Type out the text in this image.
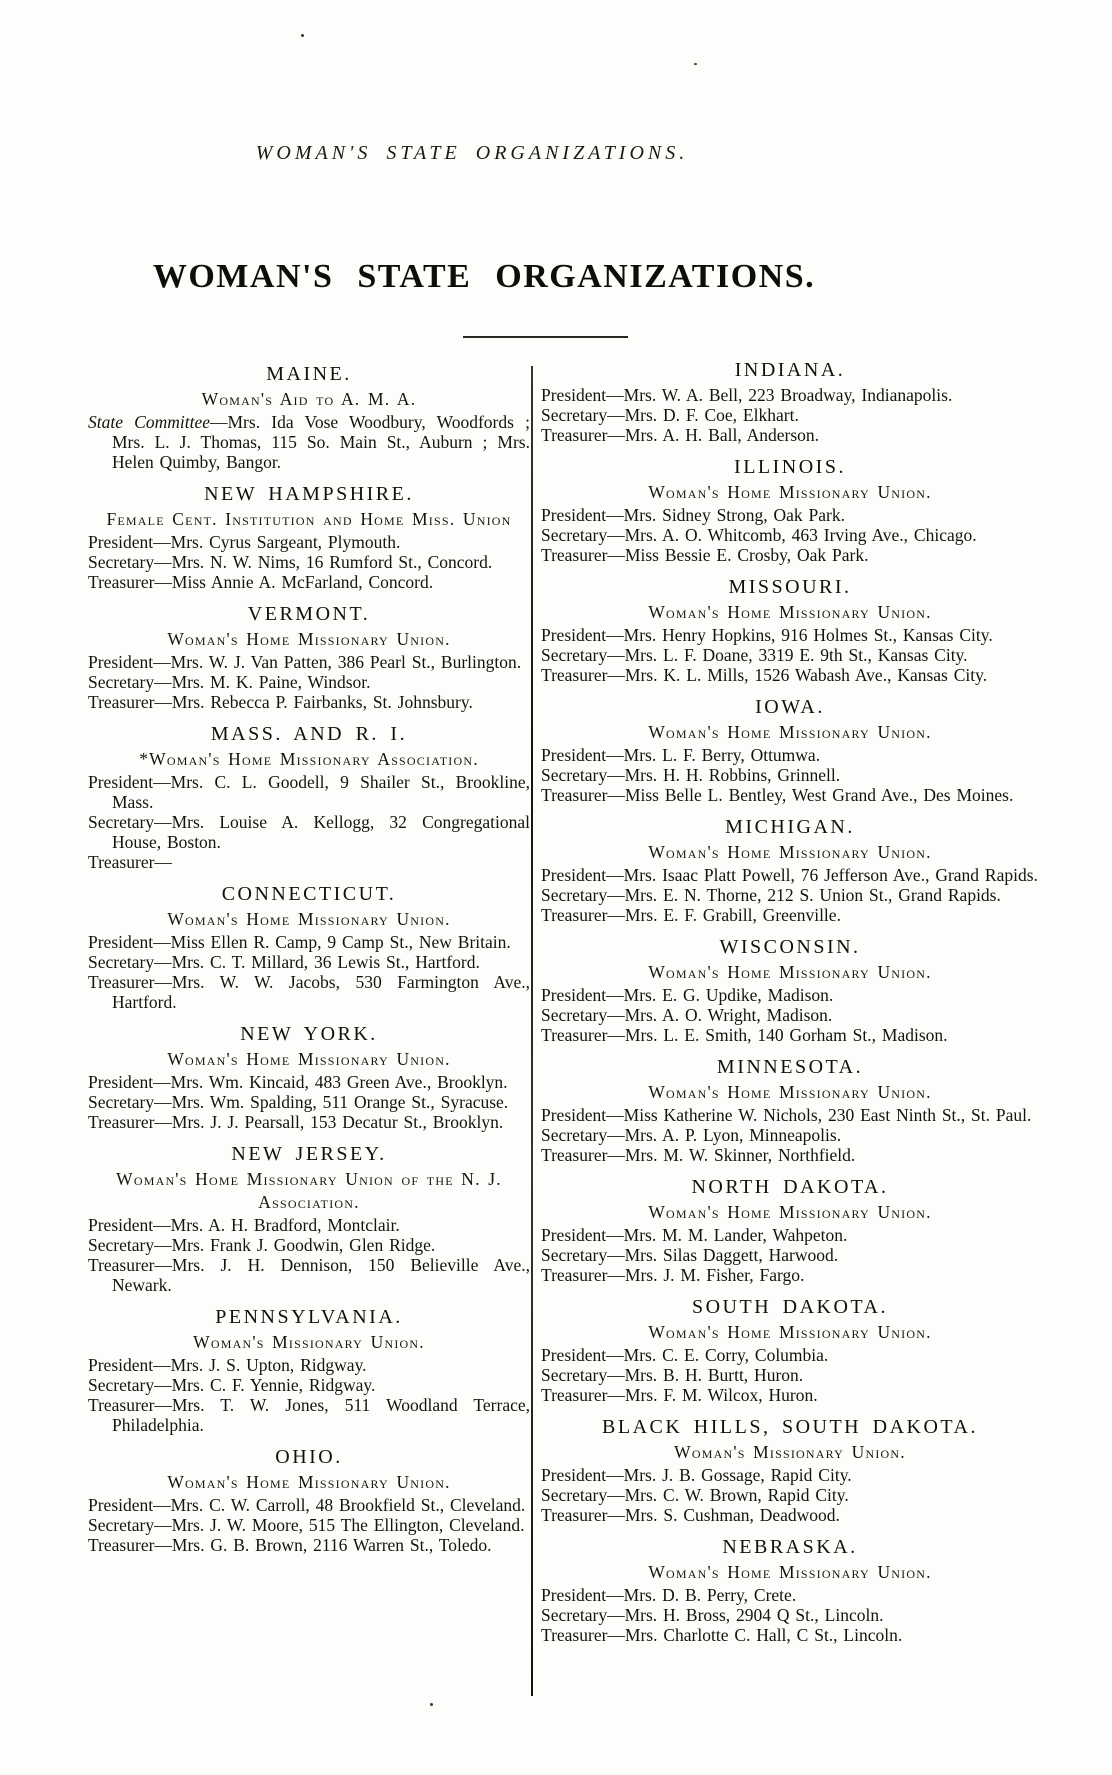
WOMAN'S STATE ORGANIZATIONS.
WOMAN'S STATE ORGANIZATIONS.
MAINE.
Woman's Aid to A. M. A.

State Committee—Mrs. Ida Vose Woodbury, Woodfords ; Mrs. L. J. Thomas, 115 So. Main St., Auburn ; Mrs. Helen Quimby, Bangor.

NEW HAMPSHIRE.
Female Cent. Institution and Home Miss. Union

President—Mrs. Cyrus Sargeant, Plymouth.

Secretary—Mrs. N. W. Nims, 16 Rumford St., Concord.

Treasurer—Miss Annie A. McFarland, Concord.

VERMONT.
Woman's Home Missionary Union.

President—Mrs. W. J. Van Patten, 386 Pearl St., Burlington.

Secretary—Mrs. M. K. Paine, Windsor.

Treasurer—Mrs. Rebecca P. Fairbanks, St. Johnsbury.

MASS. AND R. I.
*Woman's Home Missionary Association.

President—Mrs. C. L. Goodell, 9 Shailer St., Brookline, Mass.

Secretary—Mrs. Louise A. Kellogg, 32 Congregational House, Boston.

Treasurer—

CONNECTICUT.
Woman's Home Missionary Union.

President—Miss Ellen R. Camp, 9 Camp St., New Britain.

Secretary—Mrs. C. T. Millard, 36 Lewis St., Hartford.

Treasurer—Mrs. W. W. Jacobs, 530 Farmington Ave., Hartford.

NEW YORK.
Woman's Home Missionary Union.

President—Mrs. Wm. Kincaid, 483 Green Ave., Brooklyn.

Secretary—Mrs. Wm. Spalding, 511 Orange St., Syracuse.

Treasurer—Mrs. J. J. Pearsall, 153 Decatur St., Brooklyn.

NEW JERSEY.
Woman's Home Missionary Union of the N. J.
Association.

President—Mrs. A. H. Bradford, Montclair.

Secretary—Mrs. Frank J. Goodwin, Glen Ridge.

Treasurer—Mrs. J. H. Dennison, 150 Believille Ave., Newark.

PENNSYLVANIA.
Woman's Missionary Union.

President—Mrs. J. S. Upton, Ridgway.

Secretary—Mrs. C. F. Yennie, Ridgway.

Treasurer—Mrs. T. W. Jones, 511 Woodland Terrace, Philadelphia.

OHIO.
Woman's Home Missionary Union.

President—Mrs. C. W. Carroll, 48 Brookfield St., Cleveland.

Secretary—Mrs. J. W. Moore, 515 The Ellington, Cleveland.

Treasurer—Mrs. G. B. Brown, 2116 Warren St., Toledo.

INDIANA.

President—Mrs. W. A. Bell, 223 Broadway, Indianapolis.

Secretary—Mrs. D. F. Coe, Elkhart.

Treasurer—Mrs. A. H. Ball, Anderson.

ILLINOIS.
Woman's Home Missionary Union.

President—Mrs. Sidney Strong, Oak Park.

Secretary—Mrs. A. O. Whitcomb, 463 Irving Ave., Chicago.

Treasurer—Miss Bessie E. Crosby, Oak Park.

MISSOURI.
Woman's Home Missionary Union.

President—Mrs. Henry Hopkins, 916 Holmes St., Kansas City.

Secretary—Mrs. L. F. Doane, 3319 E. 9th St., Kansas City.

Treasurer—Mrs. K. L. Mills, 1526 Wabash Ave., Kansas City.

IOWA.
Woman's Home Missionary Union.

President—Mrs. L. F. Berry, Ottumwa.

Secretary—Mrs. H. H. Robbins, Grinnell.

Treasurer—Miss Belle L. Bentley, West Grand Ave., Des Moines.

MICHIGAN.
Woman's Home Missionary Union.

President—Mrs. Isaac Platt Powell, 76 Jefferson Ave., Grand Rapids.

Secretary—Mrs. E. N. Thorne, 212 S. Union St., Grand Rapids.

Treasurer—Mrs. E. F. Grabill, Greenville.

WISCONSIN.
Woman's Home Missionary Union.

President—Mrs. E. G. Updike, Madison.

Secretary—Mrs. A. O. Wright, Madison.

Treasurer—Mrs. L. E. Smith, 140 Gorham St., Madison.

MINNESOTA.
Woman's Home Missionary Union.

President—Miss Katherine W. Nichols, 230 East Ninth St., St. Paul.

Secretary—Mrs. A. P. Lyon, Minneapolis.

Treasurer—Mrs. M. W. Skinner, Northfield.

NORTH DAKOTA.
Woman's Home Missionary Union.

President—Mrs. M. M. Lander, Wahpeton.

Secretary—Mrs. Silas Daggett, Harwood.

Treasurer—Mrs. J. M. Fisher, Fargo.

SOUTH DAKOTA.
Woman's Home Missionary Union.

President—Mrs. C. E. Corry, Columbia.

Secretary—Mrs. B. H. Burtt, Huron.

Treasurer—Mrs. F. M. Wilcox, Huron.

BLACK HILLS, SOUTH DAKOTA.
Woman's Missionary Union.

President—Mrs. J. B. Gossage, Rapid City.

Secretary—Mrs. C. W. Brown, Rapid City.

Treasurer—Mrs. S. Cushman, Deadwood.

NEBRASKA.
Woman's Home Missionary Union.

President—Mrs. D. B. Perry, Crete.

Secretary—Mrs. H. Bross, 2904 Q St., Lincoln.

Treasurer—Mrs. Charlotte C. Hall, C St., Lincoln.
